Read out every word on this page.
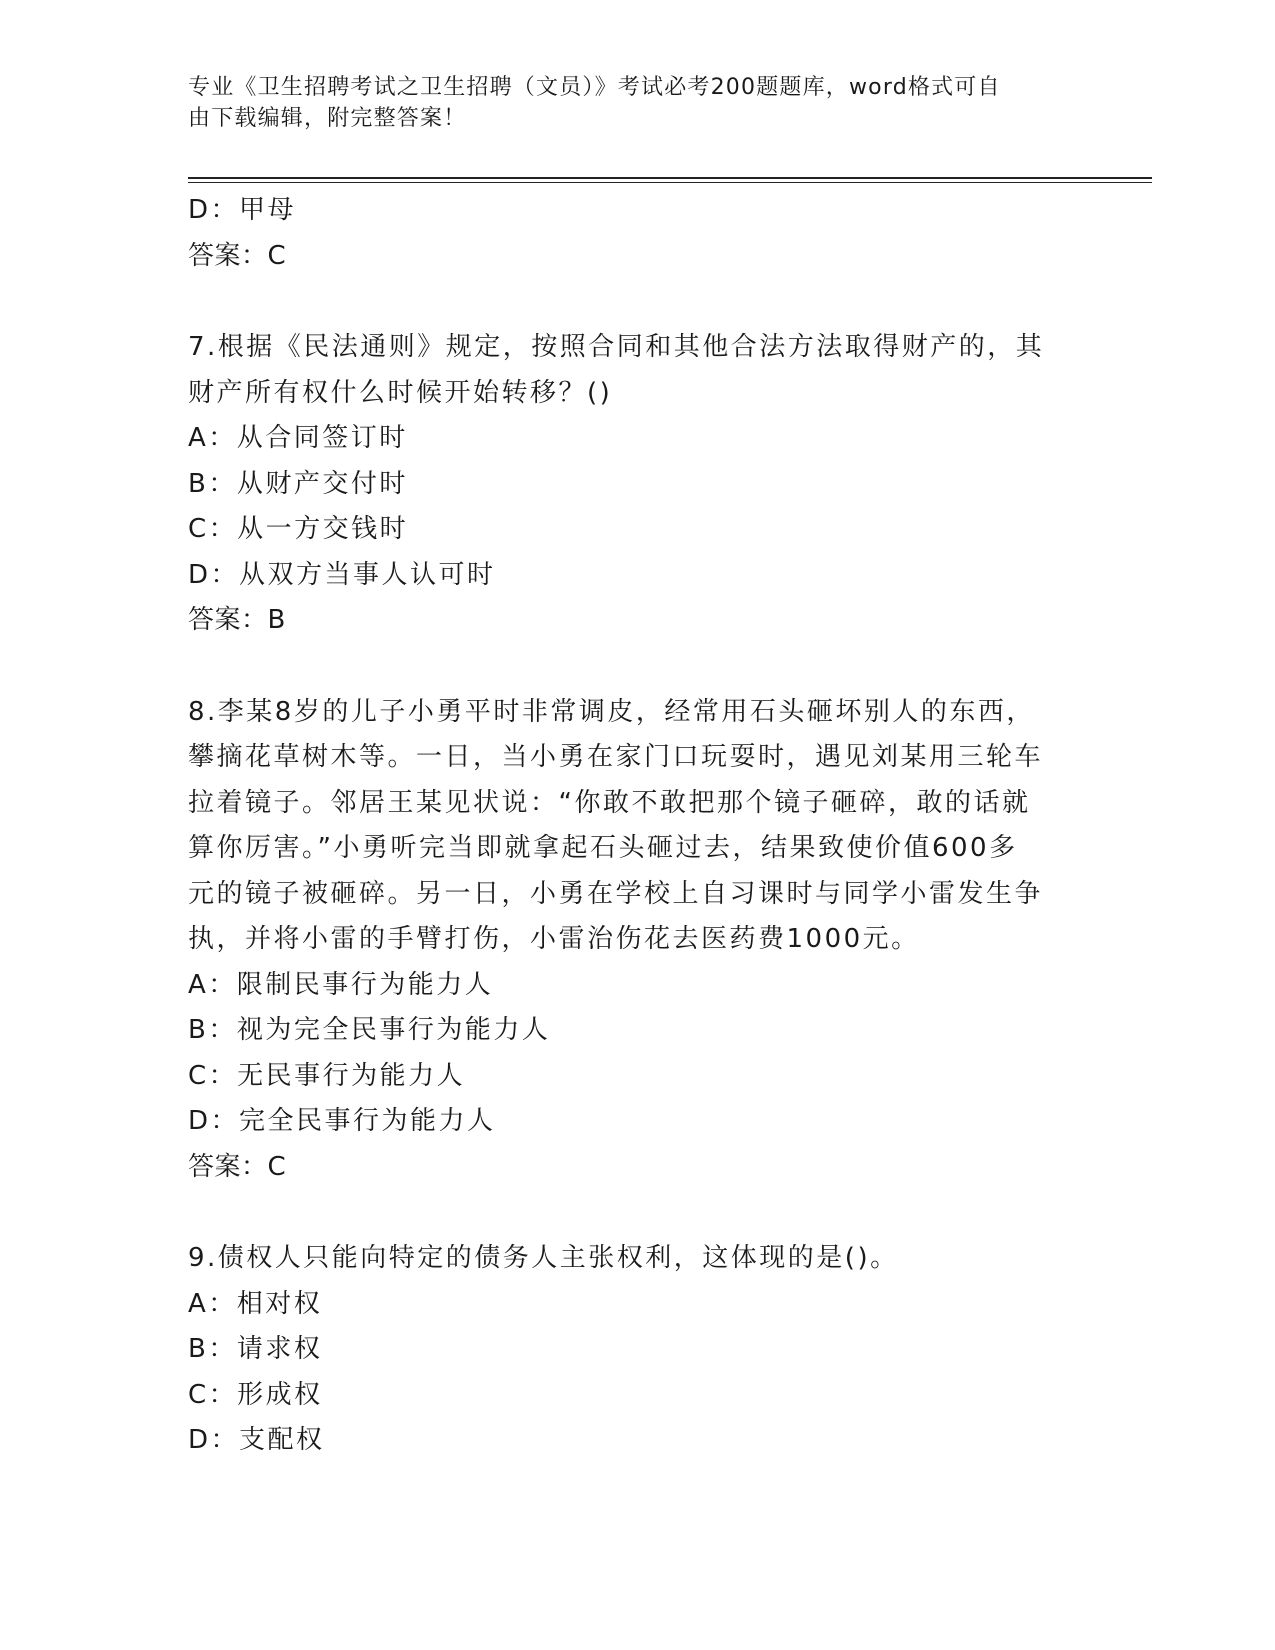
专业《卫生招聘考试之卫生招聘（文员）》考试必考200题题库，word格式可自
由下载编辑，附完整答案！

D：甲母

答案：C

7.根据《民法通则》规定，按照合同和其他合法方法取得财产的，其
财产所有权什么时候开始转移？()

A：从合同签订时

B：从财产交付时

C：从一方交钱时

D：从双方当事人认可时

答案：B

8.李某8岁的儿子小勇平时非常调皮，经常用石头砸坏别人的东西，
攀摘花草树木等。一日，当小勇在家门口玩耍时，遇见刘某用三轮车
拉着镜子。邻居王某见状说：“你敢不敢把那个镜子砸碎，敢的话就
算你厉害。”小勇听完当即就拿起石头砸过去，结果致使价值600多
元的镜子被砸碎。另一日，小勇在学校上自习课时与同学小雷发生争
执，并将小雷的手臂打伤，小雷治伤花去医药费1000元。

A：限制民事行为能力人

B：视为完全民事行为能力人

C：无民事行为能力人

D：完全民事行为能力人

答案：C

9.债权人只能向特定的债务人主张权利，这体现的是()。

A：相对权

B：请求权

C：形成权

D：支配权
